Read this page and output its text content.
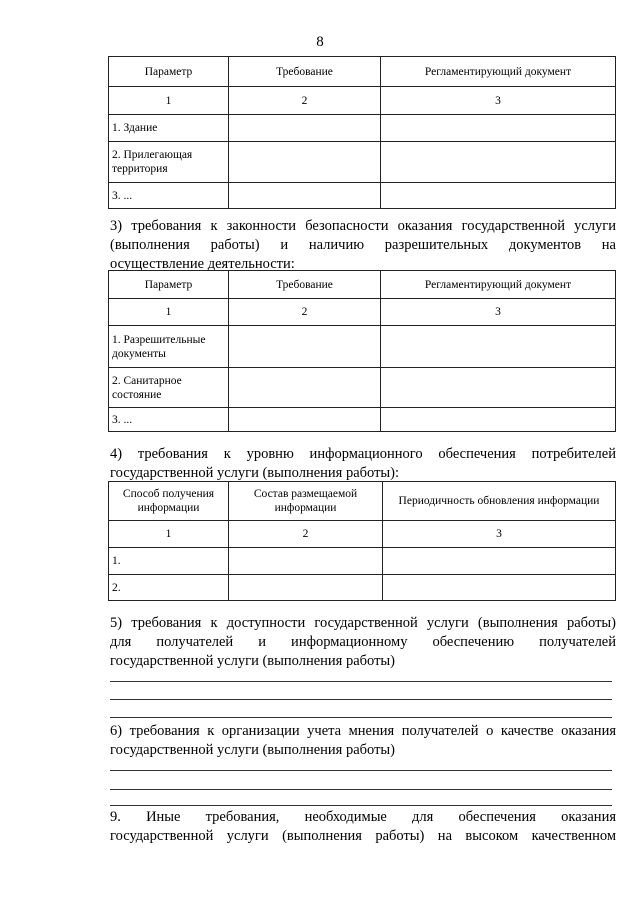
8
Параметр	Требование	Регламентирующий документ
1	2	3
1. Здание		
2. Прилегающая территория		
3. ...		
3) требования к законности безопасности оказания государственной услуги
(выполнения работы) и наличию разрешительных документов на
осуществление деятельности:
Параметр	Требование	Регламентирующий документ
1	2	3
1. Разрешительные документы		
2. Санитарное состояние		
3. ...		
4) требования к уровню информационного обеспечения потребителей
государственной услуги (выполнения работы):
Способ получения информации	Состав размещаемой информации	Периодичность обновления информации
1	2	3
1.		
2.		
5) требования к доступности государственной услуги (выполнения работы)
для получателей и информационному обеспечению получателей
государственной услуги (выполнения работы)
6) требования к организации учета мнения получателей о качестве оказания
государственной услуги (выполнения работы)
9. Иные требования, необходимые для обеспечения оказания
государственной услуги (выполнения работы) на высоком качественном
